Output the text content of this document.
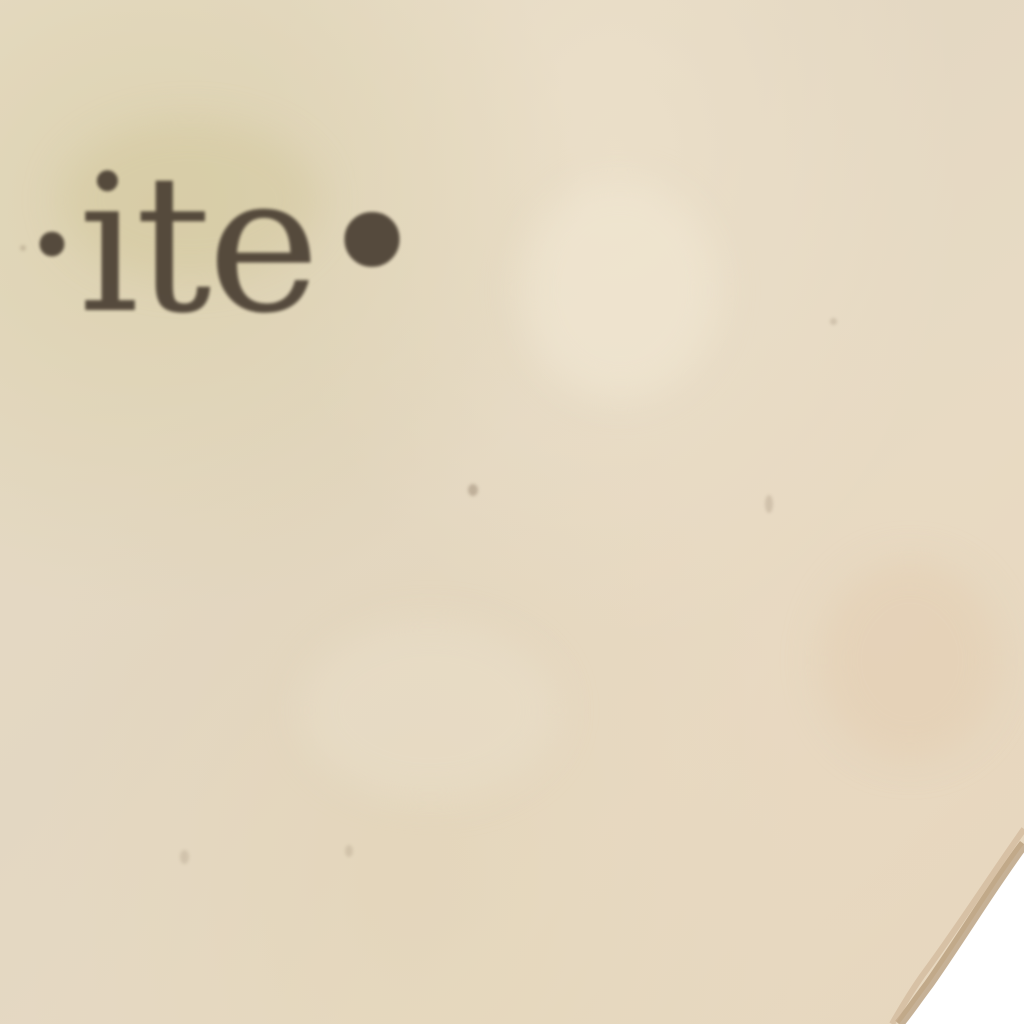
·ite•
